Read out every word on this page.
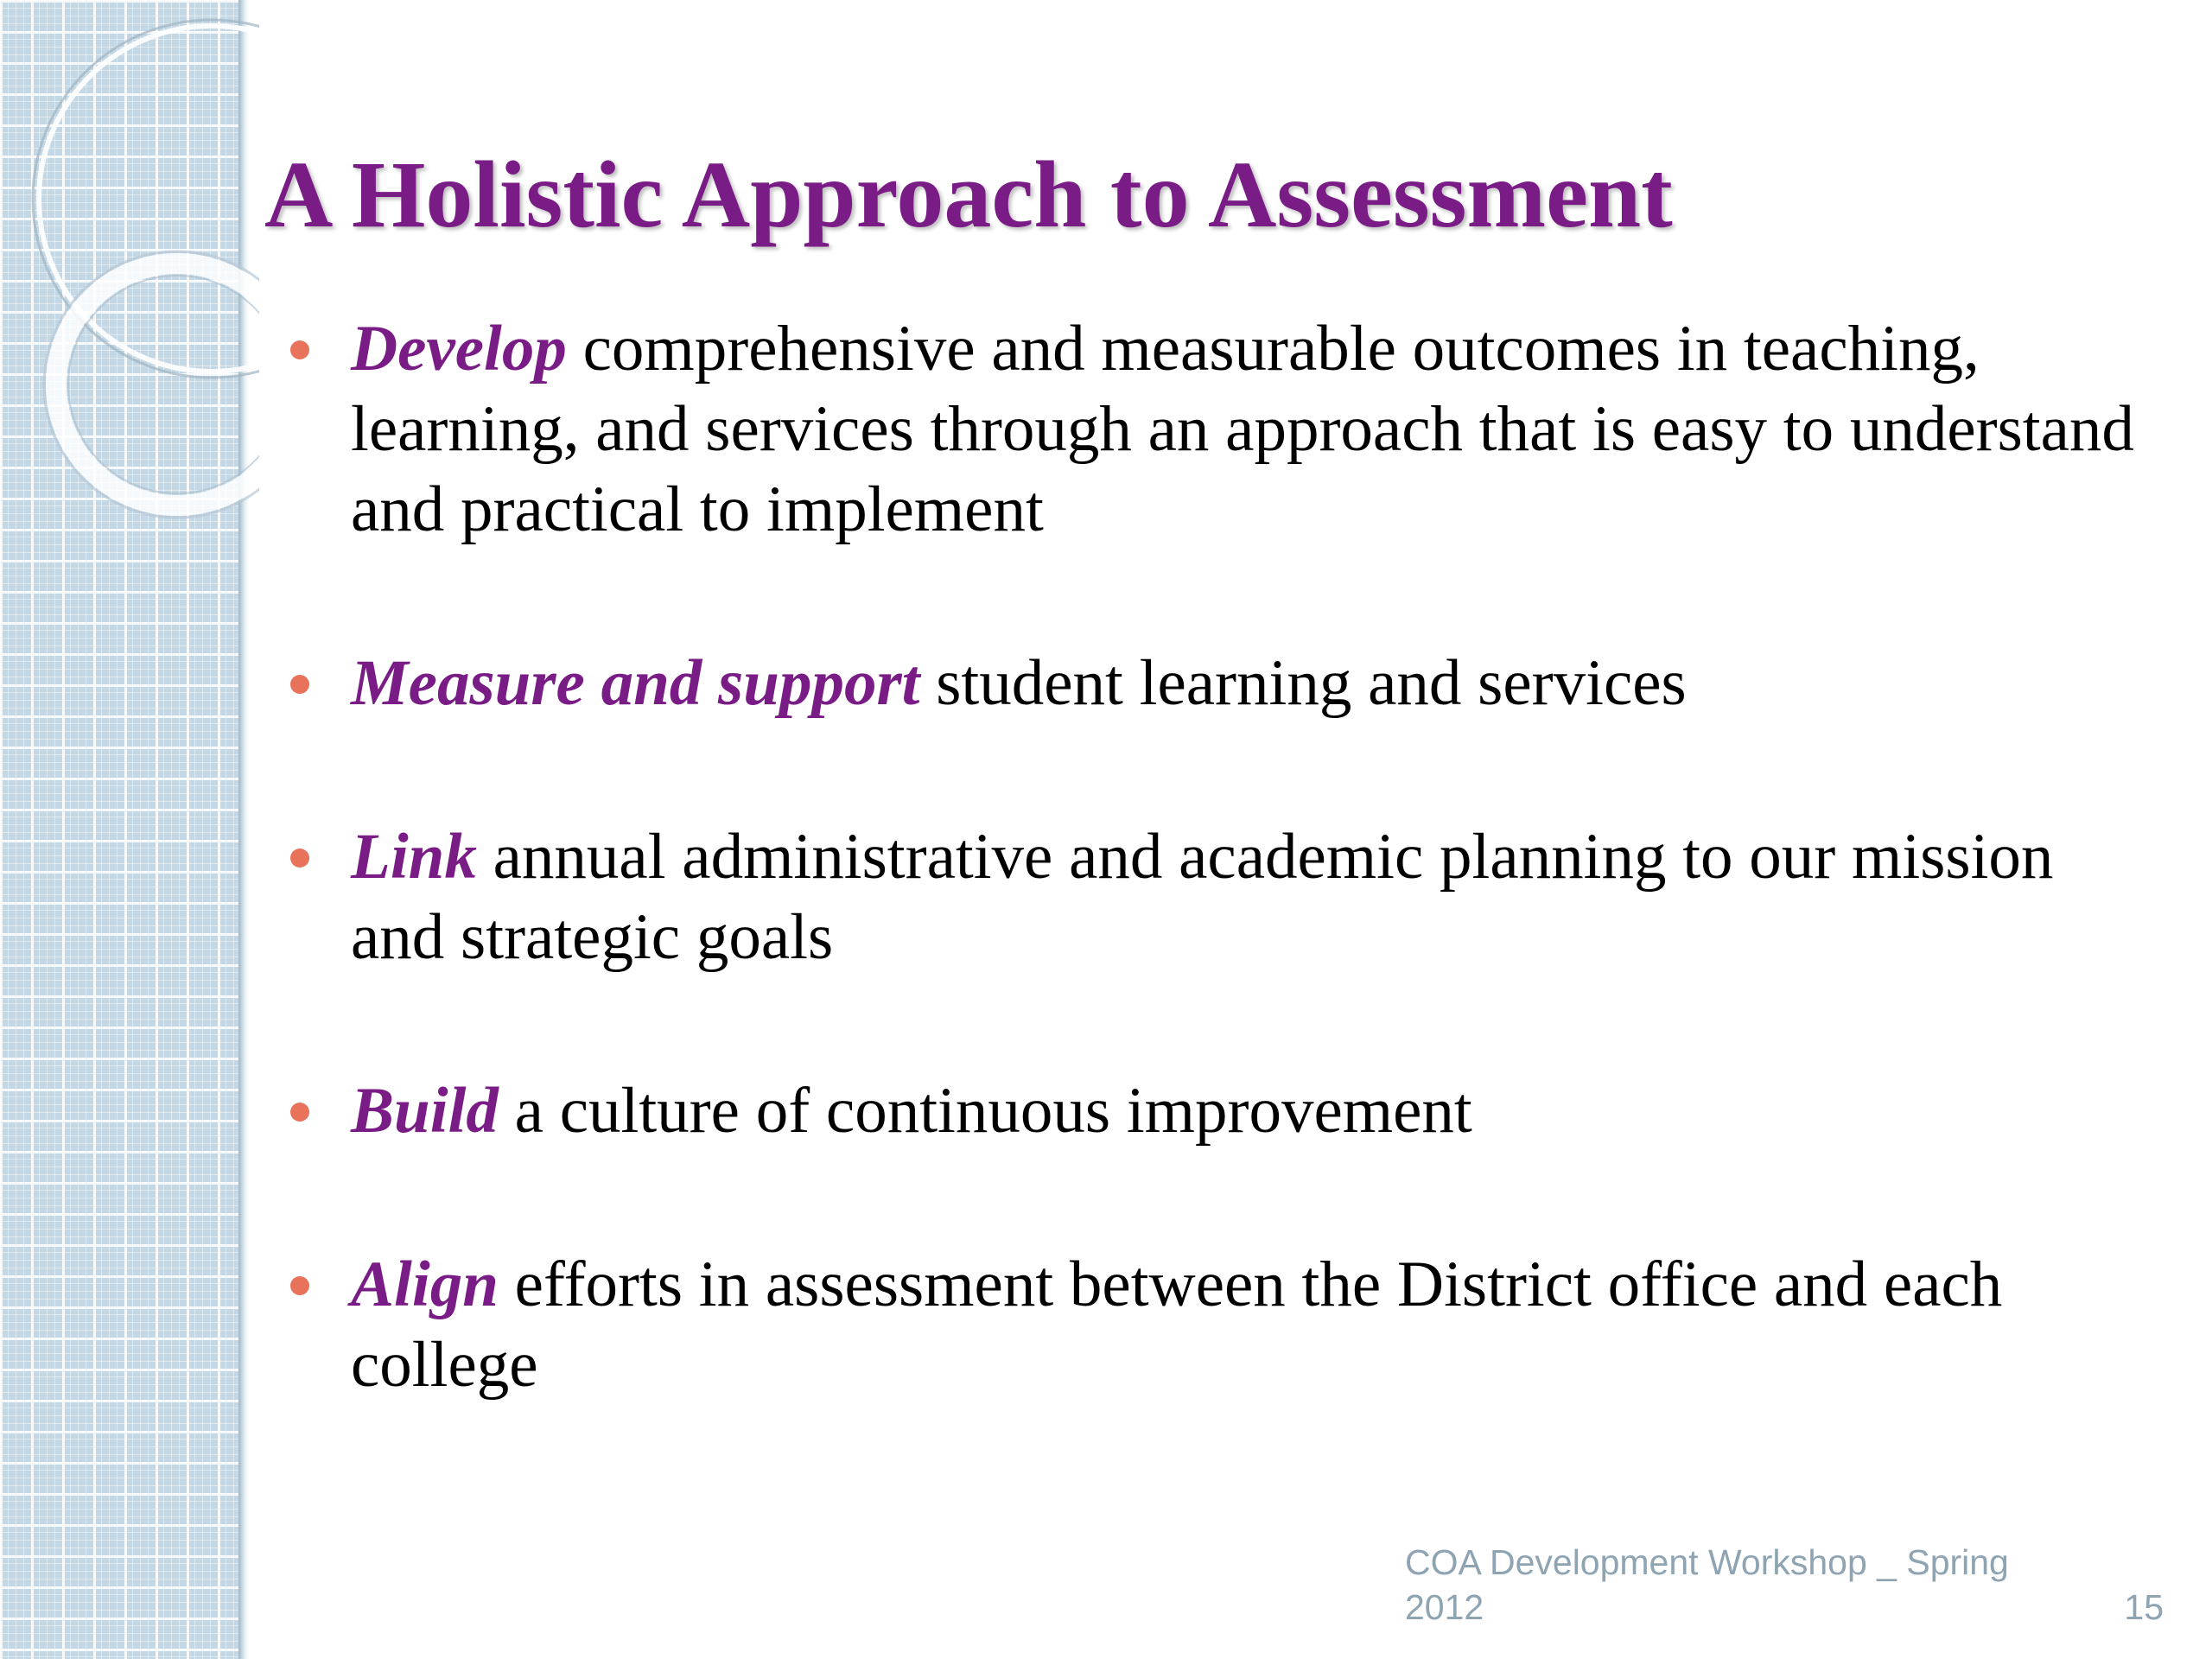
A Holistic Approach to Assessment
Develop comprehensive and measurable outcomes in teaching, learning, and services through an approach that is easy to understand and practical to implement
Measure and support student learning and services
Link annual administrative and academic planning to our mission and strategic goals
Build a culture of continuous improvement
Align efforts in assessment between the District office and each college
COA Development Workshop _ Spring 2012	15
